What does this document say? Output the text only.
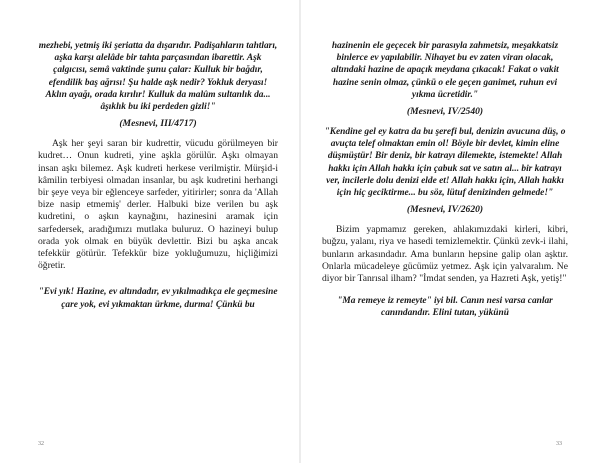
mezhebi, yetmiş iki şeriatta da dışarıdır. Padişahların tahtları, aşka karşı alelâde bir tahta parçasından ibarettir. Aşk çalgıcısı, semâ vaktinde şunu çalar: Kulluk bir bağdır, efendilik baş ağrısı! Şu halde aşk nedir? Yokluk deryası! Aklın ayağı, orada kırılır! Kulluk da malûm sultanlık da... âşıklık bu iki perdeden gizli!"

(Mesnevi, III/4717)

Aşk her şeyi saran bir kudrettir, vücudu görülmeyen bir kudret… Onun kudreti, yine aşkla görülür. Aşkı olmayan insan aşkı bilemez. Aşk kudreti herkese verilmiştir. Mürşid-i kâmilin terbiyesi olmadan insanlar, bu aşk kudretini herhangi bir şeye veya bir eğlenceye sarfeder, yitirirler; sonra da 'Allah bize nasip etmemiş' derler. Halbuki bize verilen bu aşk kudretini, o aşkın kaynağını, hazinesini aramak için sarfedersek, aradığımızı mutlaka buluruz. O hazineyi bulup orada yok olmak en büyük devlettir. Bizi bu aşka ancak tefekkür götürür. Tefekkür bize yokluğumuzu, hiçliğimizi öğretir.

"Evi yık! Hazine, ev altındadır, ev yıkılmadıkça ele geçmesine çare yok, evi yıkmaktan ürkme, durma! Çünkü bu

32

hazinenin ele geçecek bir parasıyla zahmetsiz, meşakkatsiz binlerce ev yapılabilir. Nihayet bu ev zaten viran olacak, altındaki hazine de apaçık meydana çıkacak! Fakat o vakit hazine senin olmaz, çünkü o ele geçen ganimet, ruhun evi yıkma ücretidir."

(Mesnevi, IV/2540)

"Kendine gel ey katra da bu şerefi bul, denizin avucuna düş, o avuçta telef olmaktan emin ol! Böyle bir devlet, kimin eline düşmüştür! Bir deniz, bir katrayı dilemekte, istemekte! Allah hakkı için Allah hakkı için çabuk sat ve satın al... bir katrayı ver, incilerle dolu denizi elde et! Allah hakkı için, Allah hakkı için hiç geciktirme... bu söz, lütuf denizinden gelmede!"

(Mesnevi, IV/2620)

Bizim yapmamız gereken, ahlakımızdaki kirleri, kibri, buğzu, yalanı, riya ve hasedi temizlemektir. Çünkü zevk-i ilahi, bunların arkasındadır. Ama bunların hepsine galip olan aşktır. Onlarla mücadeleye gücümüz yetmez. Aşk için yalvaralım. Ne diyor bir Tanrısal ilham? "İmdat senden, ya Hazreti Aşk, yetiş!"

"Ma remeye iz remeyte" iyi bil. Canın nesi varsa canlar canındandır. Elini tutan, yükünü

33
